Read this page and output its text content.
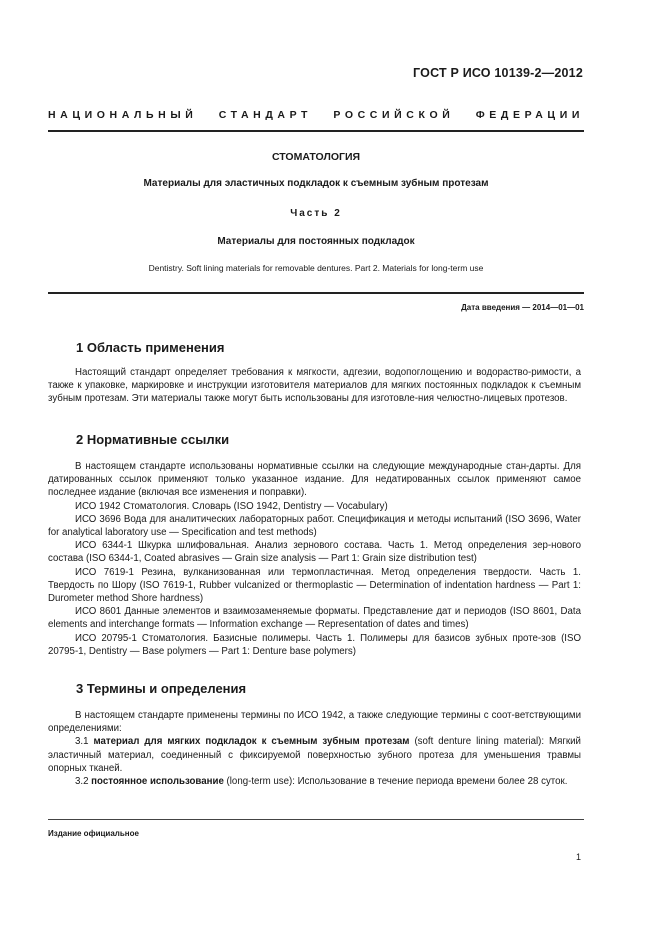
ГОСТ Р ИСО 10139-2—2012
НАЦИОНАЛЬНЫЙ СТАНДАРТ РОССИЙСКОЙ ФЕДЕРАЦИИ
СТОМАТОЛОГИЯ
Материалы для эластичных подкладок к съемным зубным протезам
Часть 2
Материалы для постоянных подкладок
Dentistry. Soft lining materials for removable dentures. Part 2. Materials for long-term use
Дата введения — 2014—01—01
1 Область применения

Настоящий стандарт определяет требования к мягкости, адгезии, водопоглощению и водораство-римости, а также к упаковке, маркировке и инструкции изготовителя материалов для мягких постоянных подкладок к съемным зубным протезам. Эти материалы также могут быть использованы для изготовле-ния челюстно-лицевых протезов.

2 Нормативные ссылки

В настоящем стандарте использованы нормативные ссылки на следующие международные стан-дарты. Для датированных ссылок применяют только указанное издание. Для недатированных ссылок применяют самое последнее издание (включая все изменения и поправки).

ИСО 1942 Стоматология. Словарь (ISO 1942, Dentistry — Vocabulary)

ИСО 3696 Вода для аналитических лабораторных работ. Спецификация и методы испытаний (ISO 3696, Water for analytical laboratory use — Specification and test methods)

ИСО 6344-1 Шкурка шлифовальная. Анализ зернового состава. Часть 1. Метод определения зер-нового состава (ISO 6344-1, Coated abrasives — Grain size analysis — Part 1: Grain size distribution test)

ИСО 7619-1 Резина, вулканизованная или термопластичная. Метод определения твердости. Часть 1. Твердость по Шору (ISO 7619-1, Rubber vulcanized or thermoplastic — Determination of indentation hardness — Part 1: Durometer method Shore hardness)

ИСО 8601 Данные элементов и взаимозаменяемые форматы. Представление дат и периодов (ISO 8601, Data elements and interchange formats — Information exchange — Representation of dates and times)

ИСО 20795-1 Стоматология. Базисные полимеры. Часть 1. Полимеры для базисов зубных проте-зов (ISO 20795-1, Dentistry — Base polymers — Part 1: Denture base polymers)

3 Термины и определения

В настоящем стандарте применены термины по ИСО 1942, а также следующие термины с соот-ветствующими определениями:

3.1 материал для мягких подкладок к съемным зубным протезам (soft denture lining material): Мягкий эластичный материал, соединенный с фиксируемой поверхностью зубного протеза для уменьшения травмы опорных тканей.

3.2 постоянное использование (long-term use): Использование в течение периода времени более 28 суток.

Издание официальное
1
